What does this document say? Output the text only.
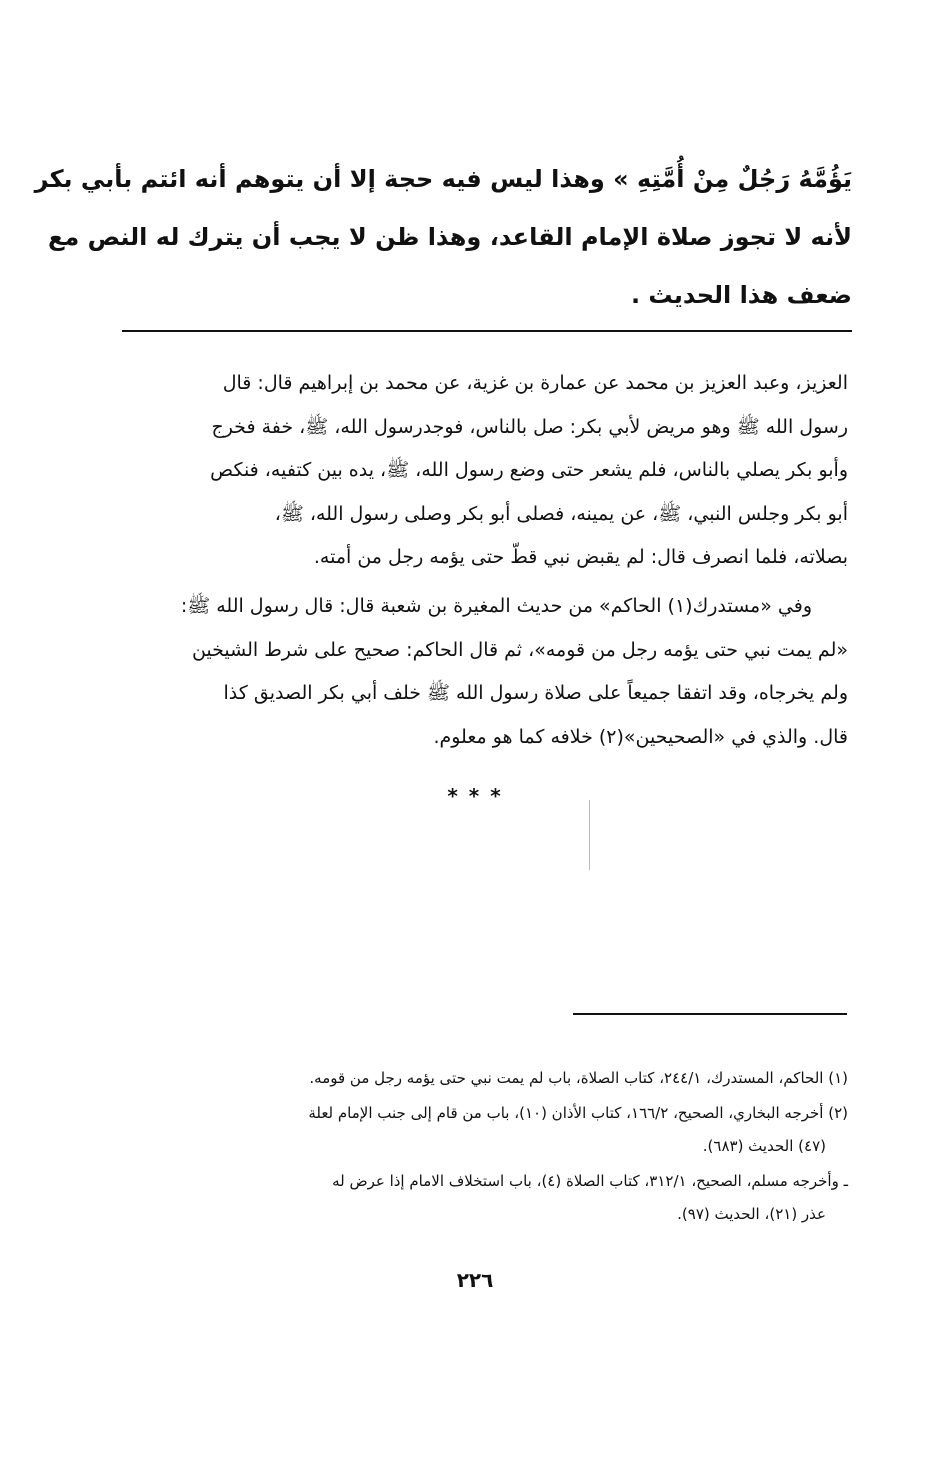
يَؤُمَّهُ رَجُلٌ مِنْ أُمَّتِهِ » وهذا ليس فيه حجة إلا أن يتوهم أنه ائتم بأبي بكر
لأنه لا تجوز صلاة الإمام القاعد، وهذا ظن لا يجب أن يترك له النص مع
ضعف هذا الحديث .
العزيز، وعبد العزيز بن محمد عن عمارة بن غزية، عن محمد بن إبراهيم قال: قال
رسول الله ﷺ وهو مريض لأبي بكر: صل بالناس، فوجدرسول الله، ﷺ، خفة فخرج
وأبو بكر يصلي بالناس، فلم يشعر حتى وضع رسول الله، ﷺ، يده بين كتفيه، فنكص
أبو بكر وجلس النبي، ﷺ، عن يمينه، فصلى أبو بكر وصلى رسول الله، ﷺ،
بصلاته، فلما انصرف قال: لم يقبض نبي قطّ حتى يؤمه رجل من أمته.
وفي «مستدرك(١) الحاكم» من حديث المغيرة بن شعبة قال: قال رسول الله ﷺ:
«لم يمت نبي حتى يؤمه رجل من قومه»، ثم قال الحاكم: صحيح على شرط الشيخين
ولم يخرجاه، وقد اتفقا جميعاً على صلاة رسول الله ﷺ خلف أبي بكر الصديق كذا
قال. والذي في «الصحيحين»(٢) خلافه كما هو معلوم.
* * *
(١) الحاكم، المستدرك، ٢٤٤/١، كتاب الصلاة، باب لم يمت نبي حتى يؤمه رجل من قومه.
(٢) أخرجه البخاري، الصحيح، ١٦٦/٢، كتاب الأذان (١٠)، باب من قام إلى جنب الإمام لعلة
(٤٧) الحديث (٦٨٣).
ـ وأخرجه مسلم، الصحيح، ٣١٢/١، كتاب الصلاة (٤)، باب استخلاف الامام إذا عرض له
عذر (٢١)، الحديث (٩٧).
٢٢٦
